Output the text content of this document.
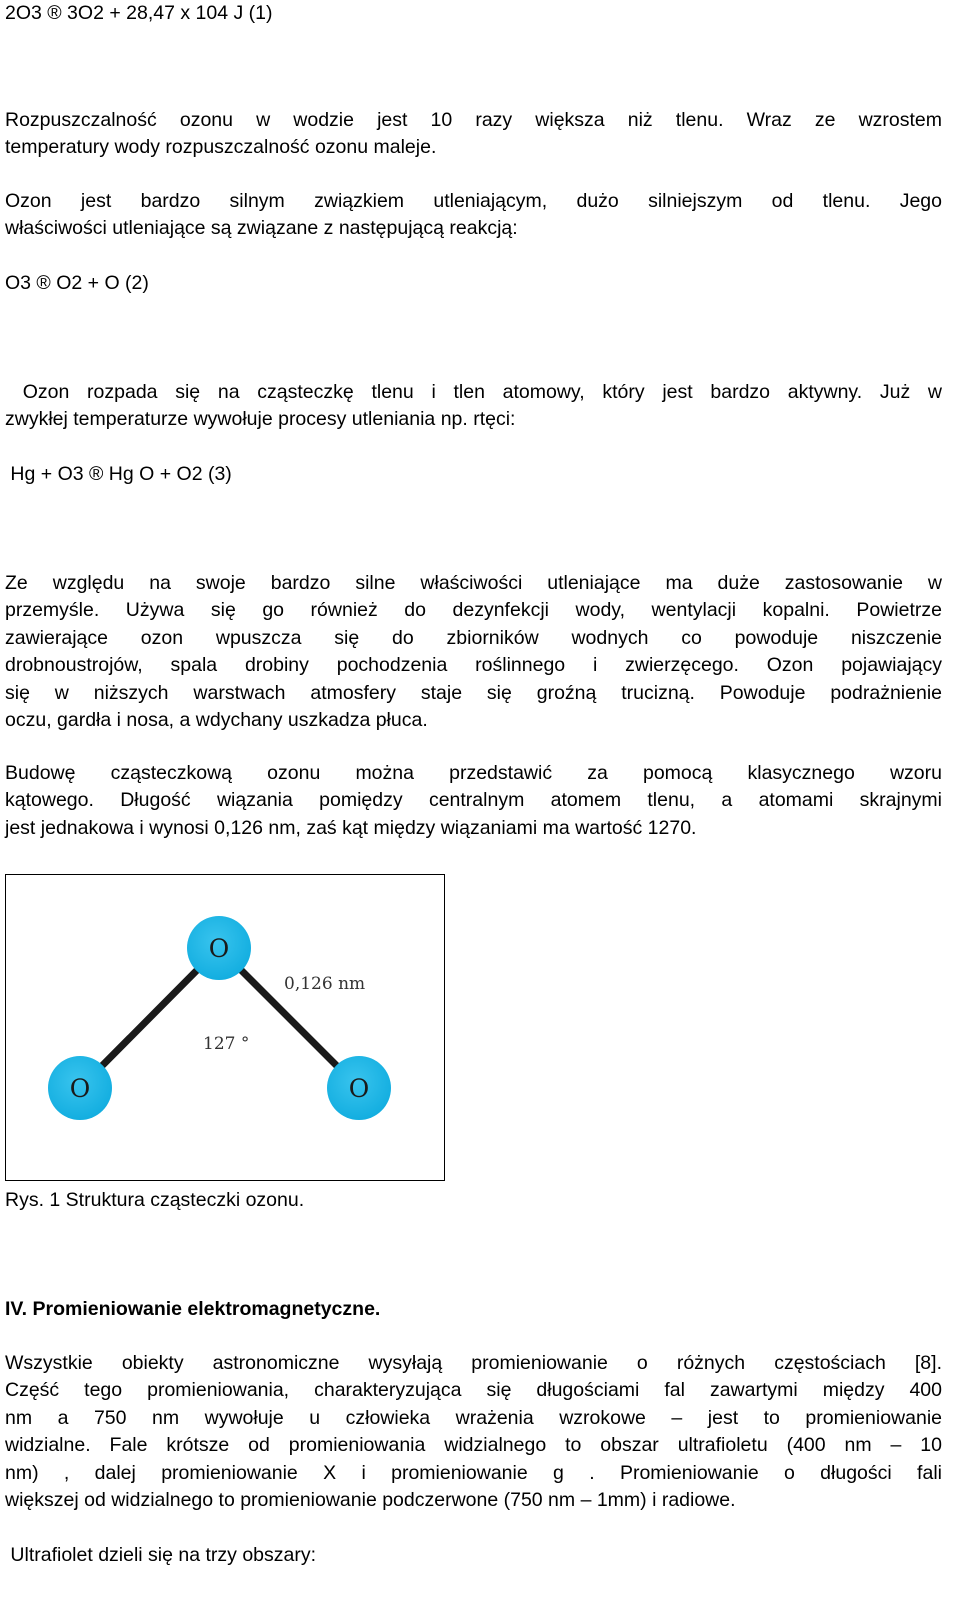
2O3 ® 3O2 + 28,47 x 104 J (1)
Rozpuszczalność ozonu w wodzie jest 10 razy większa niż tlenu. Wraz ze wzrostem
temperatury wody rozpuszczalność ozonu maleje.
Ozon jest bardzo silnym związkiem utleniającym, dużo silniejszym od tlenu. Jego
właściwości utleniające są związane z następującą reakcją:
O3 ® O2 + O (2)
Ozon rozpada się na cząsteczkę tlenu i tlen atomowy, który jest bardzo aktywny. Już w
zwykłej temperaturze wywołuje procesy utleniania np. rtęci:
Hg + O3 ® Hg O + O2 (3)
Ze względu na swoje bardzo silne właściwości utleniające ma duże zastosowanie w
przemyśle. Używa się go również do dezynfekcji wody, wentylacji kopalni. Powietrze
zawierające ozon wpuszcza się do zbiorników wodnych co powoduje niszczenie
drobnoustrojów, spala drobiny pochodzenia roślinnego i zwierzęcego. Ozon pojawiający
się w niższych warstwach atmosfery staje się groźną trucizną. Powoduje podrażnienie
oczu, gardła i nosa, a wdychany uszkadza płuca.
Budowę cząsteczkową ozonu można przedstawić za pomocą klasycznego wzoru
kątowego. Długość wiązania pomiędzy centralnym atomem tlenu, a atomami skrajnymi
jest jednakowa i wynosi 0,126 nm, zaś kąt między wiązaniami ma wartość 1270.
O
O	O
0,126 nm
127 °
Rys. 1 Struktura cząsteczki ozonu.
IV. Promieniowanie elektromagnetyczne.
Wszystkie obiekty astronomiczne wysyłają promieniowanie o różnych częstościach [8].
Część tego promieniowania, charakteryzująca się długościami fal zawartymi między 400
nm a 750 nm wywołuje u człowieka wrażenia wzrokowe – jest to promieniowanie
widzialne. Fale krótsze od promieniowania widzialnego to obszar ultrafioletu (400 nm – 10
nm) , dalej promieniowanie X i promieniowanie g . Promieniowanie o długości fali
większej od widzialnego to promieniowanie podczerwone (750 nm – 1mm) i radiowe.
Ultrafiolet dzieli się na trzy obszary:
